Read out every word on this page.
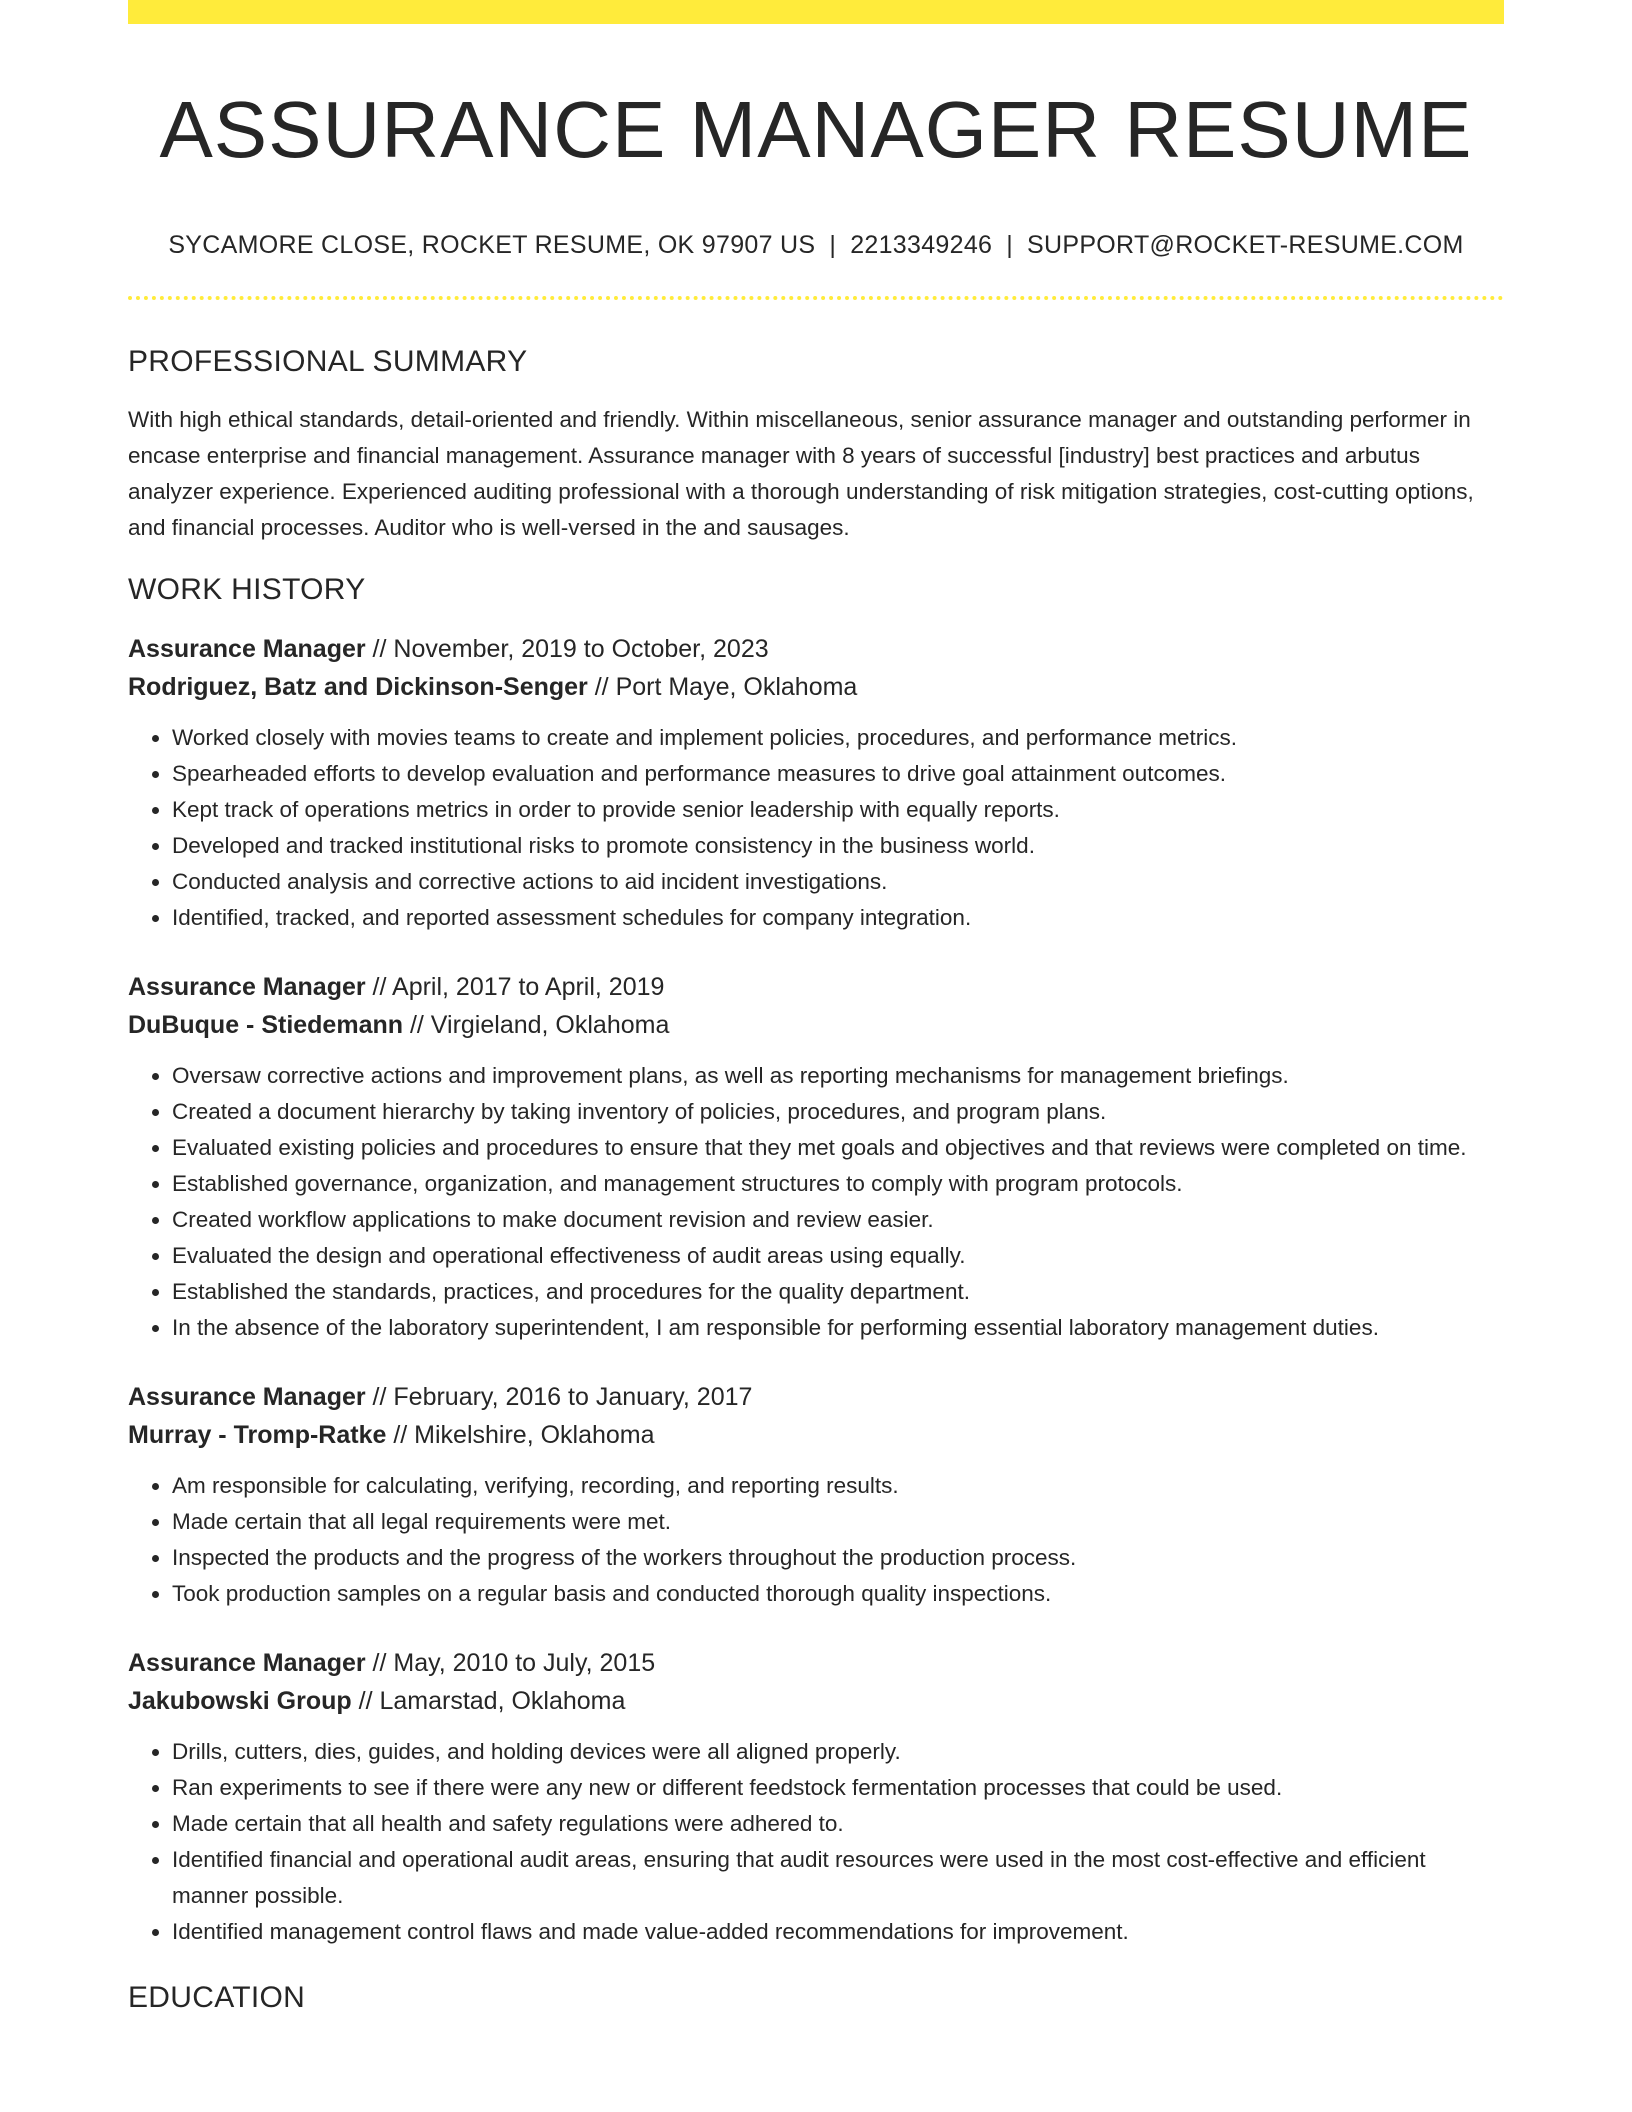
ASSURANCE MANAGER RESUME
SYCAMORE CLOSE, ROCKET RESUME, OK 97907 US | 2213349246 | SUPPORT@ROCKET-RESUME.COM
PROFESSIONAL SUMMARY

With high ethical standards, detail-oriented and friendly. Within miscellaneous, senior assurance manager and outstanding performer in encase enterprise and financial management. Assurance manager with 8 years of successful [industry] best practices and arbutus analyzer experience. Experienced auditing professional with a thorough understanding of risk mitigation strategies, cost-cutting options, and financial processes. Auditor who is well-versed in the and sausages.

WORK HISTORY
Assurance Manager // November, 2019 to October, 2023
Rodriguez, Batz and Dickinson-Senger // Port Maye, Oklahoma
• Worked closely with movies teams to create and implement policies, procedures, and performance metrics.
• Spearheaded efforts to develop evaluation and performance measures to drive goal attainment outcomes.
• Kept track of operations metrics in order to provide senior leadership with equally reports.
• Developed and tracked institutional risks to promote consistency in the business world.
• Conducted analysis and corrective actions to aid incident investigations.
• Identified, tracked, and reported assessment schedules for company integration.
Assurance Manager // April, 2017 to April, 2019
DuBuque - Stiedemann // Virgieland, Oklahoma
• Oversaw corrective actions and improvement plans, as well as reporting mechanisms for management briefings.
• Created a document hierarchy by taking inventory of policies, procedures, and program plans.
• Evaluated existing policies and procedures to ensure that they met goals and objectives and that reviews were completed on time.
• Established governance, organization, and management structures to comply with program protocols.
• Created workflow applications to make document revision and review easier.
• Evaluated the design and operational effectiveness of audit areas using equally.
• Established the standards, practices, and procedures for the quality department.
• In the absence of the laboratory superintendent, I am responsible for performing essential laboratory management duties.
Assurance Manager // February, 2016 to January, 2017
Murray - Tromp-Ratke // Mikelshire, Oklahoma
• Am responsible for calculating, verifying, recording, and reporting results.
• Made certain that all legal requirements were met.
• Inspected the products and the progress of the workers throughout the production process.
• Took production samples on a regular basis and conducted thorough quality inspections.
Assurance Manager // May, 2010 to July, 2015
Jakubowski Group // Lamarstad, Oklahoma
• Drills, cutters, dies, guides, and holding devices were all aligned properly.
• Ran experiments to see if there were any new or different feedstock fermentation processes that could be used.
• Made certain that all health and safety regulations were adhered to.
• Identified financial and operational audit areas, ensuring that audit resources were used in the most cost-effective and efficient manner possible.
• Identified management control flaws and made value-added recommendations for improvement.
EDUCATION
